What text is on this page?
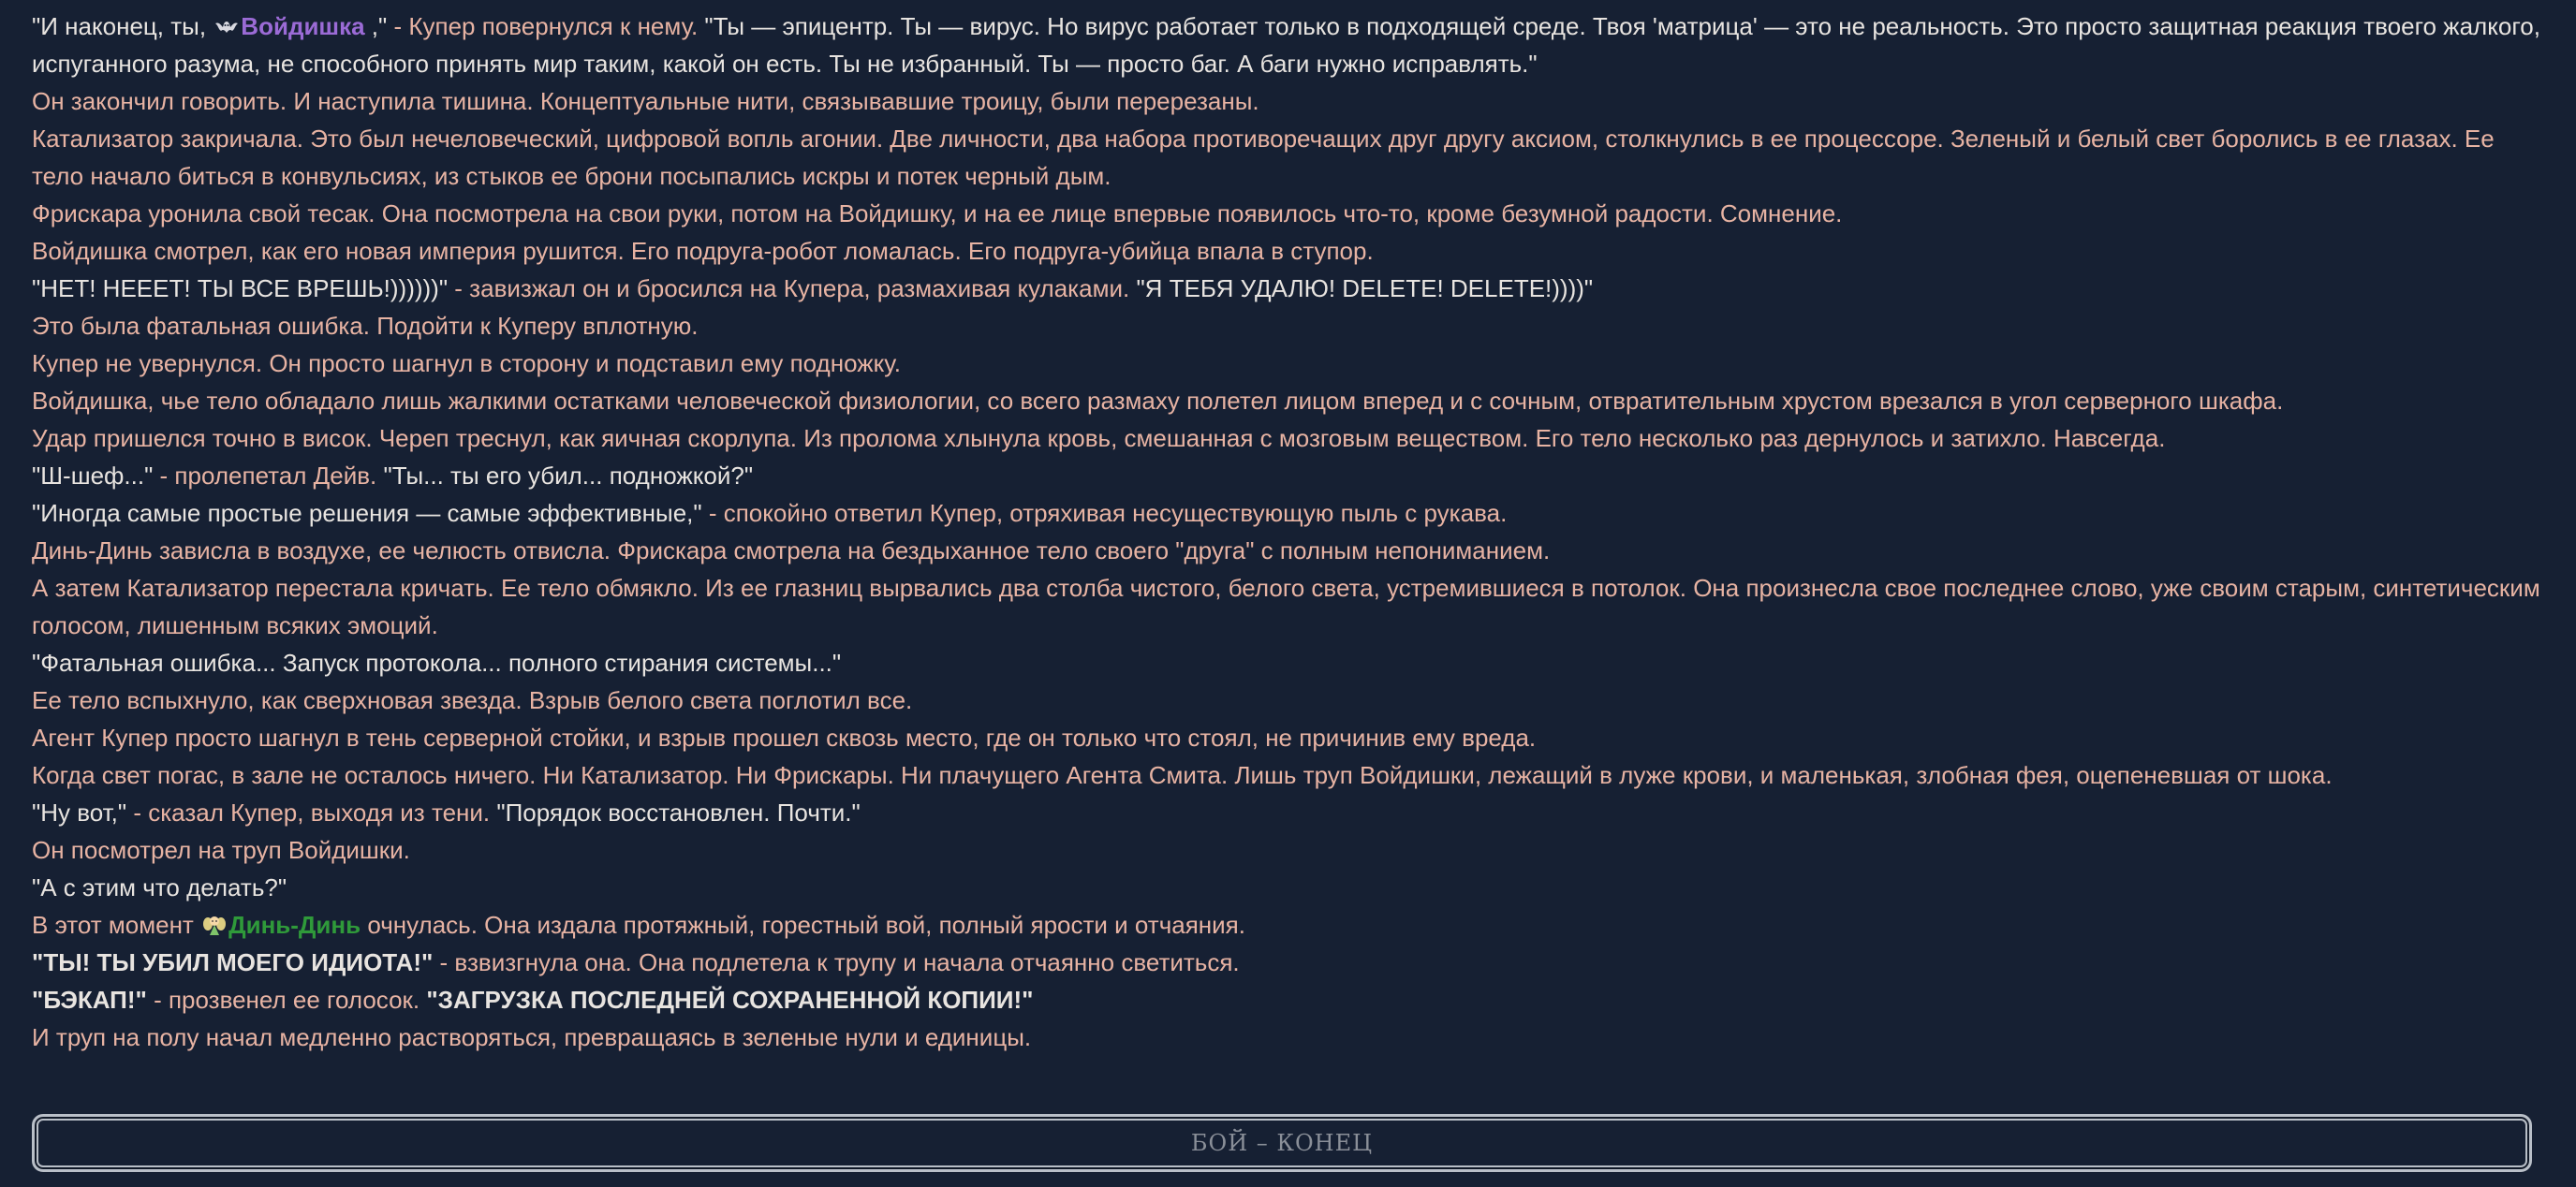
"И наконец, ты, Войдишка ," - Купер повернулся к нему. "Ты — эпицентр. Ты — вирус. Но вирус работает только в подходящей среде. Твоя 'матрица' — это не реальность. Это просто защитная реакция твоего жалкого, испуганного разума, не способного принять мир таким, какой он есть. Ты не избранный. Ты — просто баг. А баги нужно исправлять."
Он закончил говорить. И наступила тишина. Концептуальные нити, связывавшие троицу, были перерезаны.
Катализатор закричала. Это был нечеловеческий, цифровой вопль агонии. Две личности, два набора противоречащих друг другу аксиом, столкнулись в ее процессоре. Зеленый и белый свет боролись в ее глазах. Ее тело начало биться в конвульсиях, из стыков ее брони посыпались искры и потек черный дым.
Фрискара уронила свой тесак. Она посмотрела на свои руки, потом на Войдишку, и на ее лице впервые появилось что-то, кроме безумной радости. Сомнение.
Войдишка смотрел, как его новая империя рушится. Его подруга-робот ломалась. Его подруга-убийца впала в ступор.
"НЕТ! НЕЕЕТ! ТЫ ВСЕ ВРЕШЬ!))))))" - завизжал он и бросился на Купера, размахивая кулаками. "Я ТЕБЯ УДАЛЮ! DELETE! DELETE!))))"
Это была фатальная ошибка. Подойти к Куперу вплотную.
Купер не увернулся. Он просто шагнул в сторону и подставил ему подножку.
Войдишка, чье тело обладало лишь жалкими остатками человеческой физиологии, со всего размаху полетел лицом вперед и с сочным, отвратительным хрустом врезался в угол серверного шкафа.
Удар пришелся точно в висок. Череп треснул, как яичная скорлупа. Из пролома хлынула кровь, смешанная с мозговым веществом. Его тело несколько раз дернулось и затихло. Навсегда.
"Ш-шеф..." - пролепетал Дейв. "Ты... ты его убил... подножкой?"
"Иногда самые простые решения — самые эффективные," - спокойно ответил Купер, отряхивая несуществующую пыль с рукава.
Динь-Динь зависла в воздухе, ее челюсть отвисла. Фрискара смотрела на бездыханное тело своего "друга" с полным непониманием.
А затем Катализатор перестала кричать. Ее тело обмякло. Из ее глазниц вырвались два столба чистого, белого света, устремившиеся в потолок. Она произнесла свое последнее слово, уже своим старым, синтетическим голосом, лишенным всяких эмоций.
"Фатальная ошибка... Запуск протокола... полного стирания системы..."
Ее тело вспыхнуло, как сверхновая звезда. Взрыв белого света поглотил все.
Агент Купер просто шагнул в тень серверной стойки, и взрыв прошел сквозь место, где он только что стоял, не причинив ему вреда.
Когда свет погас, в зале не осталось ничего. Ни Катализатор. Ни Фрискары. Ни плачущего Агента Смита. Лишь труп Войдишки, лежащий в луже крови, и маленькая, злобная фея, оцепеневшая от шока.
"Ну вот," - сказал Купер, выходя из тени. "Порядок восстановлен. Почти."
Он посмотрел на труп Войдишки.
"А с этим что делать?"
В этот момент Динь-Динь очнулась. Она издала протяжный, горестный вой, полный ярости и отчаяния.
"ТЫ! ТЫ УБИЛ МОЕГО ИДИОТА!" - взвизгнула она. Она подлетела к трупу и начала отчаянно светиться.
"БЭКАП!" - прозвенел ее голосок. "ЗАГРУЗКА ПОСЛЕДНЕЙ СОХРАНЕННОЙ КОПИИ!"
И труп на полу начал медленно растворяться, превращаясь в зеленые нули и единицы.
БОЙ – КОНЕЦ
